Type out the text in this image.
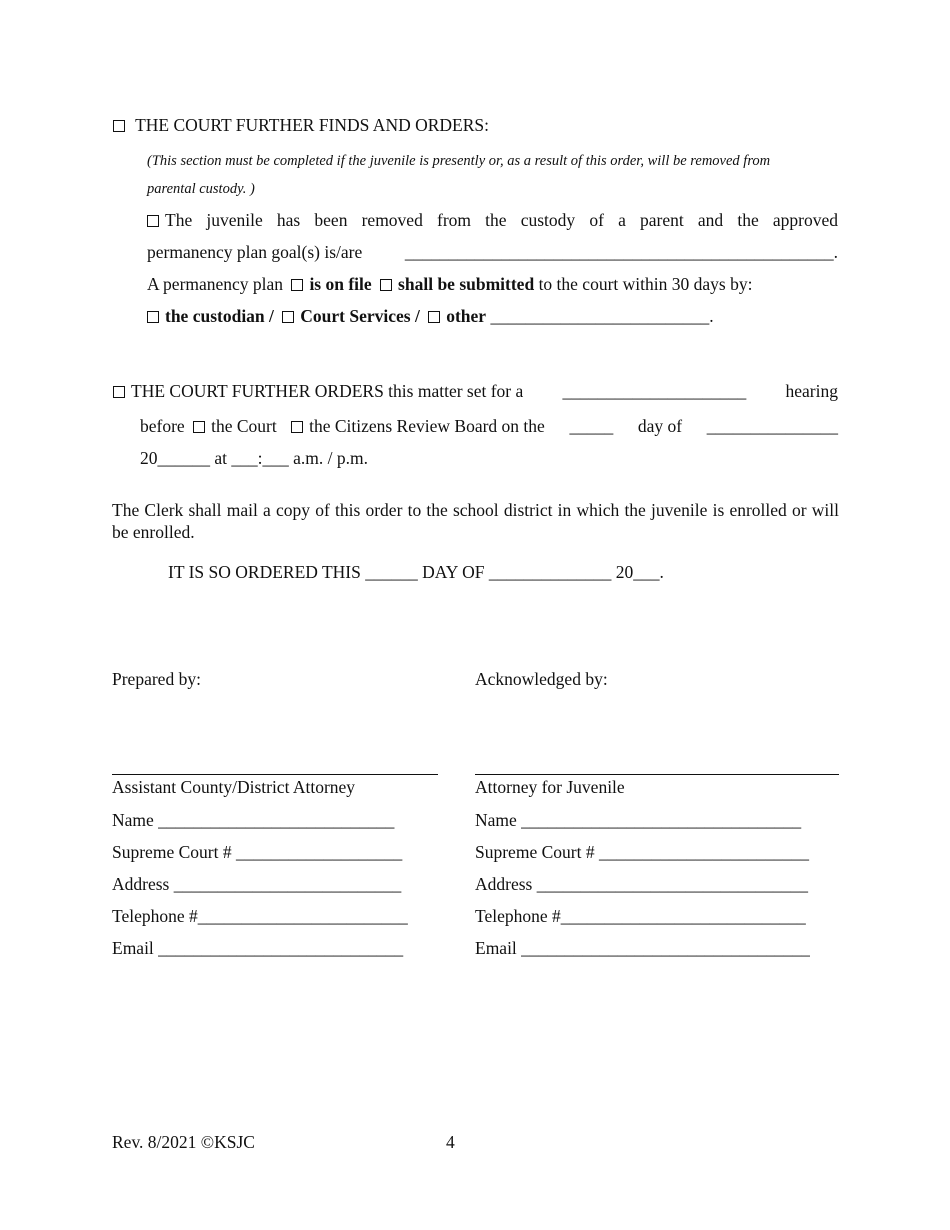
THE COURT FURTHER FINDS AND ORDERS:
(This section must be completed if the juvenile is presently or, as a result of this order, will be removed from
parental custody. )
The juvenile has been removed from the custody of a parent and the approved
permanency plan goal(s) is/are _________________________________________________.
A permanency plan is on file shall be submitted to the court within 30 days by:
the custodian / Court Services / other _________________________.
THE COURT FURTHER ORDERS this matter set for a _____________________ hearing
before the Court the Citizens Review Board on the _____ day of _______________
20______ at ___:___ a.m. / p.m.
The Clerk shall mail a copy of this order to the school district in which the juvenile is enrolled or will be enrolled.
IT IS SO ORDERED THIS ______ DAY OF ______________ 20___.
Prepared by:	Acknowledged by:
Assistant County/District Attorney
Name ___________________________
Supreme Court # ___________________
Address __________________________
Telephone #________________________
Email ____________________________
Attorney for Juvenile
Name ________________________________
Supreme Court # ________________________
Address _______________________________
Telephone #____________________________
Email _________________________________
Rev. 8/2021 ©KSJC	4
